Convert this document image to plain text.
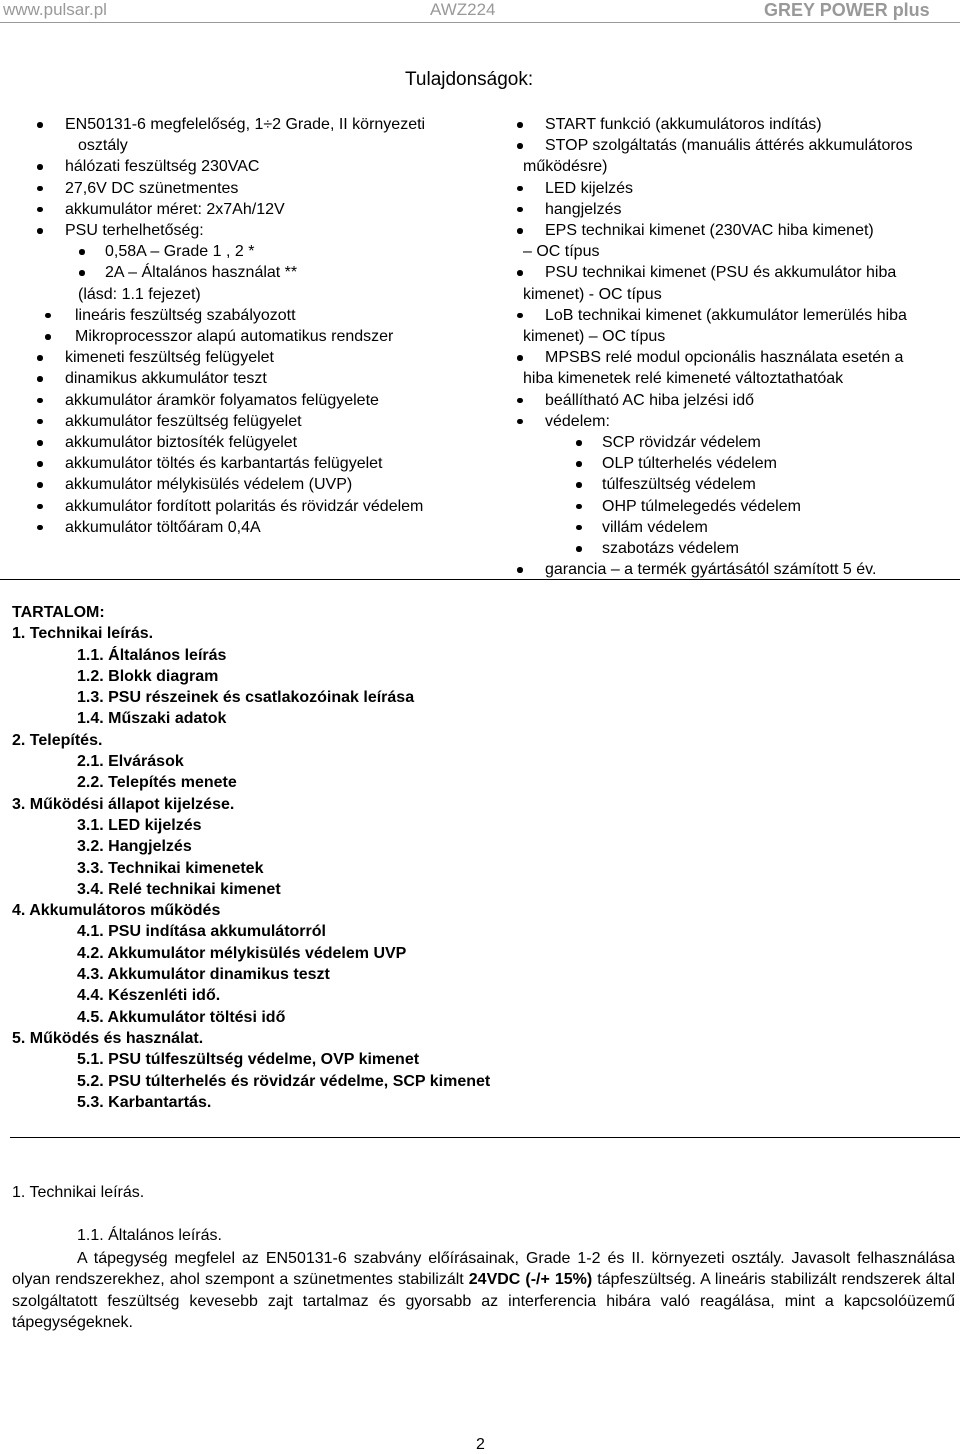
www.pulsar.pl	AWZ224	GREY POWER plus
Tulajdonságok:
EN50131-6 megfelelőség, 1÷2 Grade, II környezeti
osztály
hálózati feszültség 230VAC
27,6V DC szünetmentes
akkumulátor méret: 2x7Ah/12V
PSU terhelhetőség:
0,58A – Grade 1 , 2 *
2A – Általános használat **
(lásd: 1.1 fejezet)
lineáris feszültség szabályozott
Mikroprocesszor alapú automatikus rendszer
kimeneti feszültség felügyelet
dinamikus akkumulátor teszt
akkumulátor áramkör folyamatos felügyelete
akkumulátor feszültség felügyelet
akkumulátor biztosíték felügyelet
akkumulátor töltés és karbantartás felügyelet
akkumulátor mélykisülés védelem (UVP)
akkumulátor fordított polaritás és rövidzár védelem
akkumulátor töltőáram 0,4A
START funkció (akkumulátoros indítás)
STOP szolgáltatás (manuális áttérés akkumulátoros
működésre)
LED kijelzés
hangjelzés
EPS technikai kimenet (230VAC hiba kimenet)
– OC típus
PSU technikai kimenet (PSU és akkumulátor hiba
kimenet) - OC típus
LoB technikai kimenet (akkumulátor lemerülés hiba
kimenet) – OC típus
MPSBS relé modul opcionális használata esetén a
hiba kimenetek relé kimeneté változtathatóak
beállítható AC hiba jelzési idő
védelem:
SCP rövidzár védelem
OLP túlterhelés védelem
túlfeszültség védelem
OHP túlmelegedés védelem
villám védelem
szabotázs védelem
garancia – a termék gyártásától számított 5 év.
TARTALOM:
1. Technikai leírás.
1.1. Általános leírás
1.2. Blokk diagram
1.3. PSU részeinek és csatlakozóinak leírása
1.4. Műszaki adatok
2. Telepítés.
2.1. Elvárások
2.2. Telepítés menete
3. Működési állapot kijelzése.
3.1. LED kijelzés
3.2. Hangjelzés
3.3. Technikai kimenetek
3.4. Relé technikai kimenet
4. Akkumulátoros működés
4.1. PSU indítása akkumulátorról
4.2. Akkumulátor mélykisülés védelem UVP
4.3. Akkumulátor dinamikus teszt
4.4. Készenléti idő.
4.5. Akkumulátor töltési idő
5. Működés és használat.
5.1. PSU túlfeszültség védelme, OVP kimenet
5.2. PSU túlterhelés és rövidzár védelme, SCP kimenet
5.3. Karbantartás.
1. Technikai leírás.
1.1. Általános leírás.
A tápegység megfelel az EN50131-6 szabvány előírásainak, Grade 1-2 és II. környezeti osztály. Javasolt felhasználása olyan rendszerekhez, ahol szempont a szünetmentes stabilizált 24VDC (-/+ 15%) tápfeszültség. A lineáris stabilizált rendszerek által szolgáltatott feszültség kevesebb zajt tartalmaz és gyorsabb az interferencia hibára való reagálása, mint a kapcsolóüzemű tápegységeknek.
2
